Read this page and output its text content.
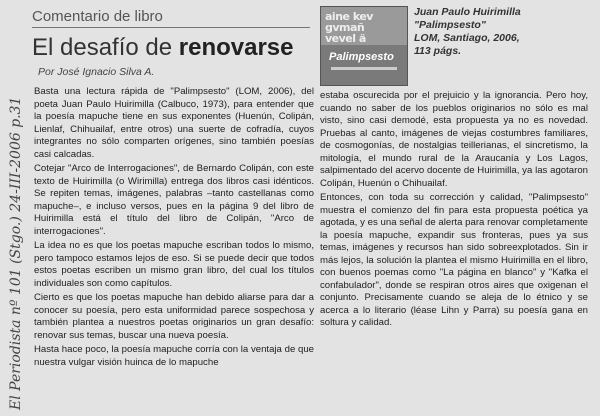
Comentario de libro
El desafío de renovarse
Por José Ignacio Silva A.
aine kev
gvmañ
vevel ä
Palimpsesto
Juan Paulo Huirimilla
"Palimpsesto"
LOM, Santiago, 2006,
113 págs.

Basta una lectura rápida de "Palimpsesto" (LOM, 2006), del poeta Juan Paulo Huirimilla (Calbuco, 1973), para entender que la poesía mapuche tiene en sus exponentes (Huenún, Colipán, Lienlaf, Chihuailaf, entre otros) una suerte de cofradía, cuyos integrantes no sólo comparten orígenes, sino también poesías casi calcadas.

Cotejar "Arco de Interrogaciones", de Bernardo Colipán, con este texto de Huirimilla (o Wirimilla) entrega dos libros casi idénticos. Se repiten temas, imágenes, palabras –tanto castellanas como mapuche–, e incluso versos, pues en la página 9 del libro de Huirimilla está el título del libro de Colipán, "Arco de interrogaciones".

La idea no es que los poetas mapuche escriban todos lo mismo, pero tampoco estamos lejos de eso. Si se puede decir que todos estos poetas escriben un mismo gran libro, del cual los títulos individuales son como capítulos.

Cierto es que los poetas mapuche han debido aliarse para dar a conocer su poesía, pero esta uniformidad parece sospechosa y también plantea a nuestros poetas originarios un gran desafío: renovar sus temas, buscar una nueva poesía.

Hasta hace poco, la poesía mapuche corría con la ventaja de que nuestra vulgar visión huinca de lo mapuche

estaba oscurecida por el prejuicio y la ignorancia. Pero hoy, cuando no saber de los pueblos originarios no sólo es mal visto, sino casi demodé, esta propuesta ya no es novedad. Pruebas al canto, imágenes de viejas costumbres familiares, de cosmogonías, de nostalgias teillerianas, el sincretismo, la mitología, el mundo rural de la Araucanía y Los Lagos, salpimentado del acervo docente de Huirimilla, ya las agotaron Colipán, Huenún o Chihuailaf.

Entonces, con toda su corrección y calidad, "Palimpsesto" muestra el comienzo del fin para esta propuesta poética ya agotada, y es una señal de alerta para renovar completamente la poesía mapuche, expandir sus fronteras, pues ya sus temas, imágenes y recursos han sido sobreexplotados. Sin ir más lejos, la solución la plantea el mismo Huirimilla en el libro, con buenos poemas como "La página en blanco" y "Kafka el confabulador", donde se respiran otros aires que oxigenan el conjunto. Precisamente cuando se aleja de lo étnico y se acerca a lo literario (léase Lihn y Parra) su poesía gana en soltura y calidad.

El Periodista nº 101 (Stgo.) 24-III-2006 p.31
